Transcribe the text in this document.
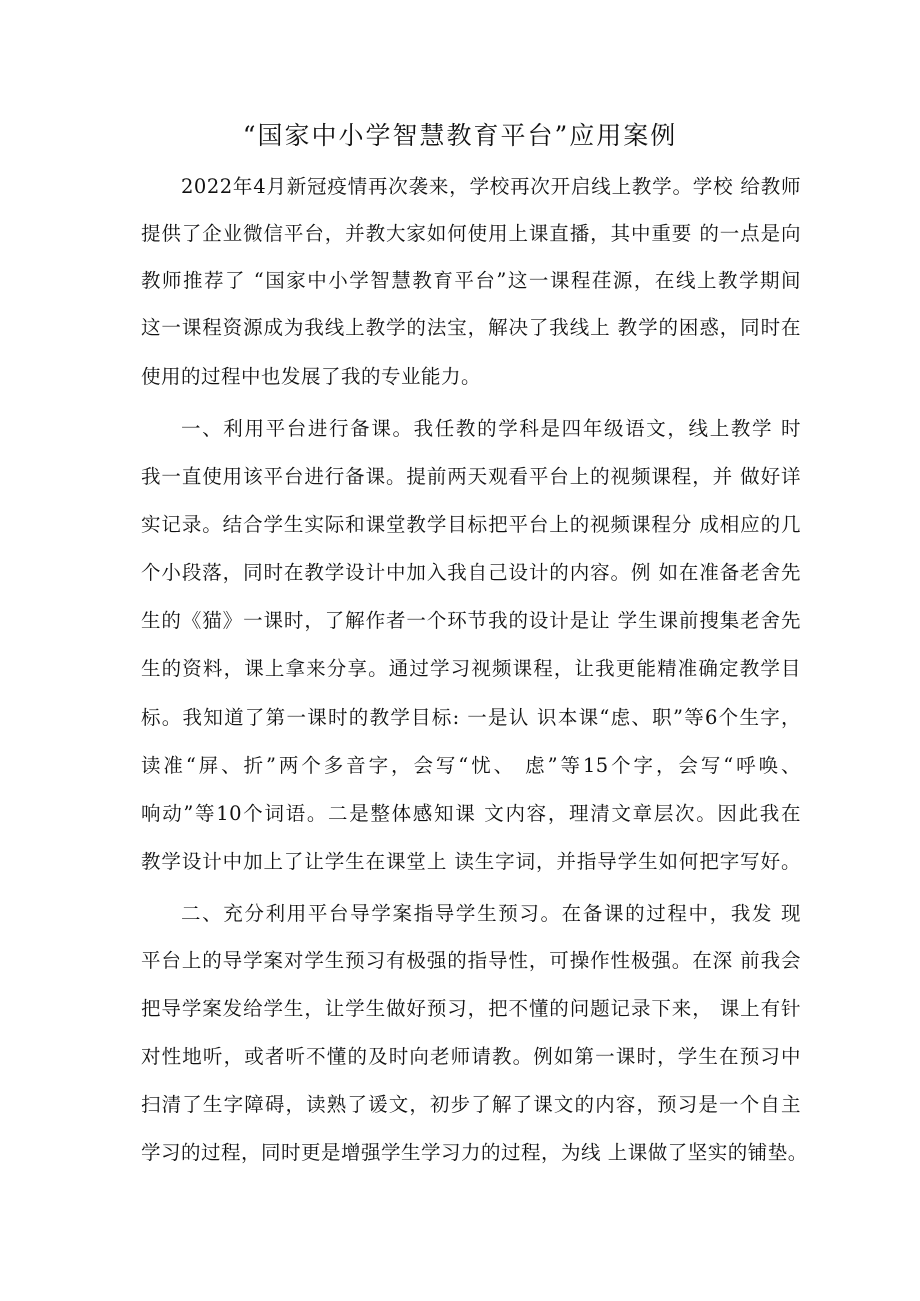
“国家中小学智慧教育平台”应用案例
2022年4月新冠疫情再次袭来，学校再次开启线上教学。学校 给教师
提供了企业微信平台，并教大家如何使用上课直播，其中重要 的一点是向
教师推荐了 “国家中小学智慧教育平台”这一课程荏源，在线上教学期间
这一课程资源成为我线上教学的法宝，解决了我线上 教学的困惑，同时在
使用的过程中也发展了我的专业能力。
一、利用平台进行备课。我任教的学科是四年级语文，线上教学 时
我一直使用该平台进行备课。提前两天观看平台上的视频课程，并 做好详
实记录。结合学生实际和课堂教学目标把平台上的视频课程分 成相应的几
个小段落，同时在教学设计中加入我自己设计的内容。例 如在准备老舍先
生的《猫》一课时，了解作者一个环节我的设计是让 学生课前搜集老舍先
生的资料，课上拿来分享。通过学习视频课程，让我更能精准确定教学目
标。我知道了第一课时的教学目标: 一是认 识本课“虑、职”等6个生字，
读准“屏、折”两个多音字，会写“忧、 虑”等15个字，会写“呼唤、
响动”等10个词语。二是整体感知课 文内容，理清文章层次。因此我在
教学设计中加上了让学生在课堂上 读生字词，并指导学生如何把字写好。
二、充分利用平台导学案指导学生预习。在备课的过程中，我发 现
平台上的导学案对学生预习有极强的指导性，可操作性极强。在深 前我会
把导学案发给学生，让学生做好预习，把不懂的问题记录下来， 课上有针
对性地听，或者听不懂的及时向老师请教。例如第一课时，学生在预习中
扫清了生字障碍，读熟了谖文，初步了解了课文的内容，预习是一个自主
学习的过程，同时更是增强学生学习力的过程，为线 上课做了坚实的铺垫。
